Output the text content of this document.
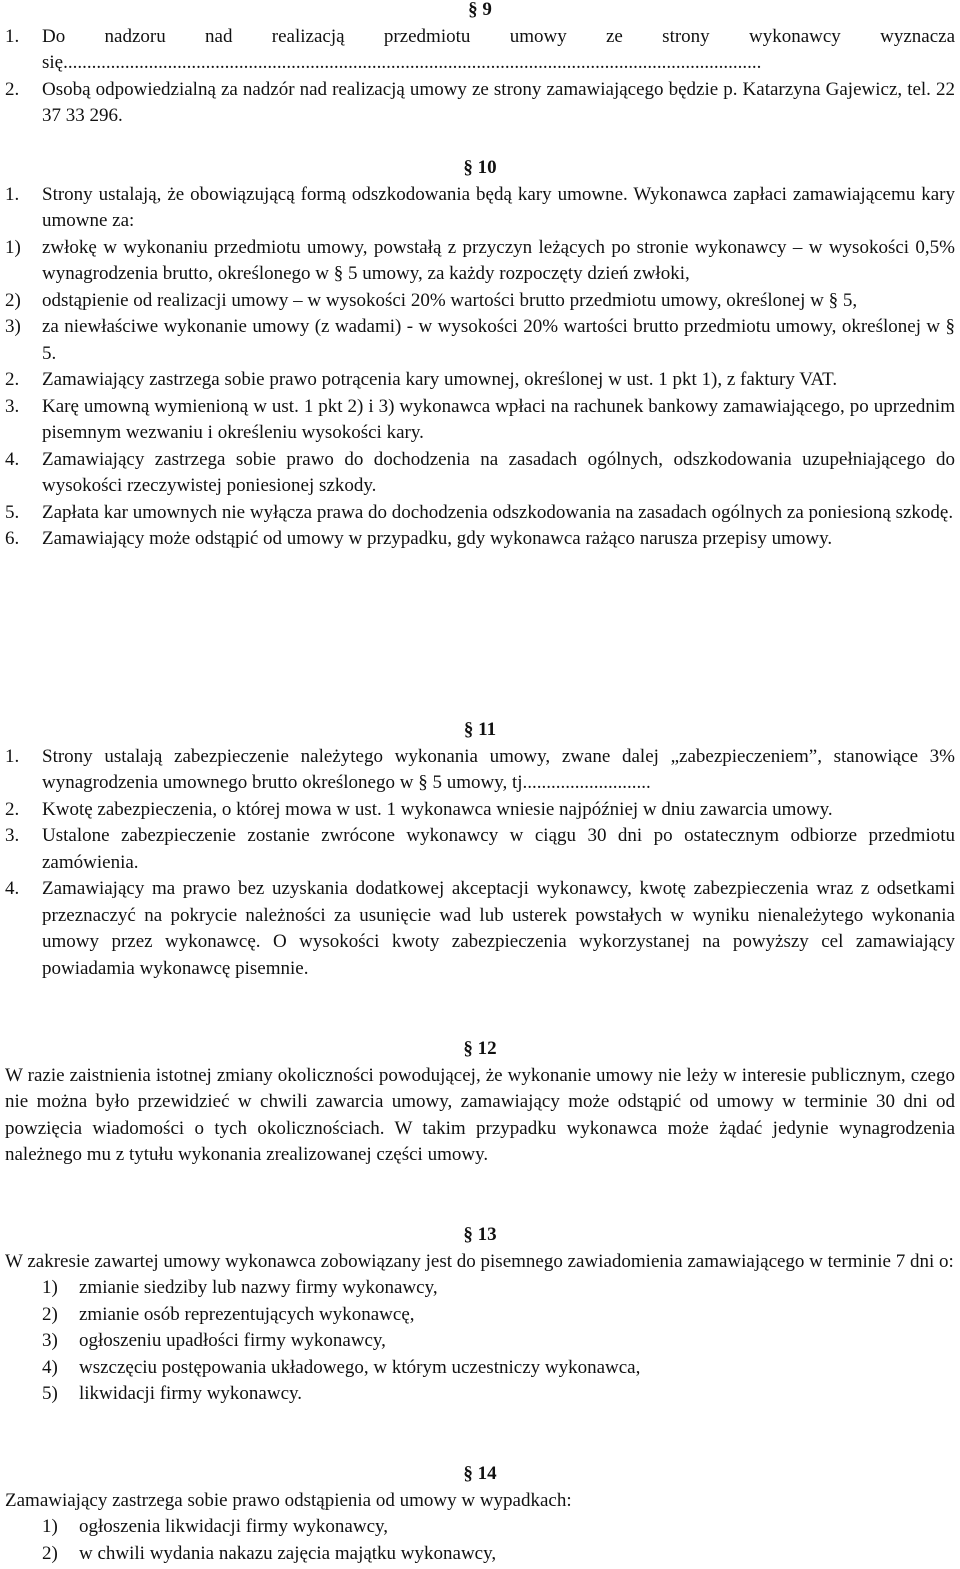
§ 9
1.	Do nadzoru nad realizacją przedmiotu umowy ze strony wykonawcy wyznacza się...................................................................................................................................................
2.	Osobą odpowiedzialną za nadzór nad realizacją umowy ze strony zamawiającego będzie p. Katarzyna Gajewicz, tel. 22 37 33 296.
§ 10
1.	Strony ustalają, że obowiązującą formą odszkodowania będą kary umowne. Wykonawca zapłaci zamawiającemu kary umowne za:
1)	zwłokę w wykonaniu przedmiotu umowy, powstałą z przyczyn leżących po stronie wykonawcy – w wysokości 0,5% wynagrodzenia brutto, określonego w § 5 umowy, za każdy rozpoczęty dzień zwłoki,
2)	odstąpienie od realizacji umowy – w wysokości 20% wartości brutto przedmiotu umowy, określonej w § 5,
3)	za niewłaściwe wykonanie umowy (z wadami) - w wysokości 20% wartości brutto przedmiotu umowy, określonej w § 5.
2.	Zamawiający zastrzega sobie prawo potrącenia kary umownej, określonej w ust. 1 pkt 1), z faktury VAT.
3.	Karę umowną wymienioną w ust. 1 pkt 2) i 3) wykonawca wpłaci na rachunek bankowy zamawiającego, po uprzednim pisemnym wezwaniu i określeniu wysokości kary.
4.	Zamawiający zastrzega sobie prawo do dochodzenia na zasadach ogólnych, odszkodowania uzupełniającego do wysokości rzeczywistej poniesionej szkody.
5.	Zapłata kar umownych nie wyłącza prawa do dochodzenia odszkodowania na zasadach ogólnych za poniesioną szkodę.
6.	Zamawiający może odstąpić od umowy w przypadku, gdy wykonawca rażąco narusza przepisy umowy.
§ 11
1.	Strony ustalają zabezpieczenie należytego wykonania umowy, zwane dalej „zabezpieczeniem”, stanowiące 3% wynagrodzenia umownego brutto określonego w § 5 umowy, tj...........................
2.	Kwotę zabezpieczenia, o której mowa w ust. 1 wykonawca wniesie najpóźniej w dniu zawarcia umowy.
3.	Ustalone zabezpieczenie zostanie zwrócone wykonawcy w ciągu 30 dni po ostatecznym odbiorze przedmiotu zamówienia.
4.	Zamawiający ma prawo bez uzyskania dodatkowej akceptacji wykonawcy, kwotę zabezpieczenia wraz z odsetkami przeznaczyć na pokrycie należności za usunięcie wad lub usterek powstałych w wyniku nienależytego wykonania umowy przez wykonawcę. O wysokości kwoty zabezpieczenia wykorzystanej na powyższy cel zamawiający powiadamia wykonawcę pisemnie.
§ 12
W razie zaistnienia istotnej zmiany okoliczności powodującej, że wykonanie umowy nie leży w interesie publicznym, czego nie można było przewidzieć w chwili zawarcia umowy, zamawiający może odstąpić od umowy w terminie 30 dni od powzięcia wiadomości o tych okolicznościach. W takim przypadku wykonawca może żądać jedynie wynagrodzenia należnego mu z tytułu wykonania zrealizowanej części umowy.
§ 13
W zakresie zawartej umowy wykonawca zobowiązany jest do pisemnego zawiadomienia zamawiającego w terminie 7 dni o:
1)	zmianie siedziby lub nazwy firmy wykonawcy,
2)	zmianie osób reprezentujących wykonawcę,
3)	ogłoszeniu upadłości firmy wykonawcy,
4)	wszczęciu postępowania układowego, w którym uczestniczy wykonawca,
5)	likwidacji firmy wykonawcy.
§ 14
Zamawiający zastrzega sobie prawo odstąpienia od umowy w wypadkach:
1)	ogłoszenia likwidacji firmy wykonawcy,
2)	w chwili wydania nakazu zajęcia majątku wykonawcy,
